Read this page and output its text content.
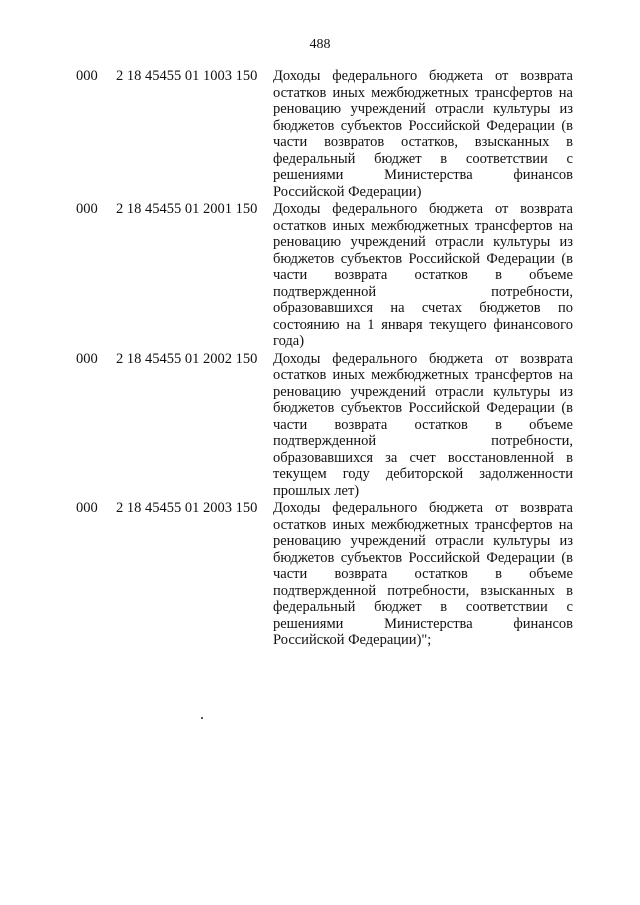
488
000 2 18 45455 01 1003 150 Доходы федерального бюджета от возврата
остатков иных межбюджетных трансфертов на
реновацию учреждений отрасли культуры из
бюджетов субъектов Российской Федерации (в
части возвратов остатков, взысканных в
федеральный бюджет в соответствии с
решениями Министерства финансов
Российской Федерации)
000 2 18 45455 01 2001 150 Доходы федерального бюджета от возврата
остатков иных межбюджетных трансфертов на
реновацию учреждений отрасли культуры из
бюджетов субъектов Российской Федерации (в
части возврата остатков в объеме
подтвержденной потребности,
образовавшихся на счетах бюджетов по
состоянию на 1 января текущего финансового
года)
000 2 18 45455 01 2002 150 Доходы федерального бюджета от возврата
остатков иных межбюджетных трансфертов на
реновацию учреждений отрасли культуры из
бюджетов субъектов Российской Федерации (в
части возврата остатков в объеме
подтвержденной потребности,
образовавшихся за счет восстановленной в
текущем году дебиторской задолженности
прошлых лет)
000 2 18 45455 01 2003 150 Доходы федерального бюджета от возврата
остатков иных межбюджетных трансфертов на
реновацию учреждений отрасли культуры из
бюджетов субъектов Российской Федерации (в
части возврата остатков в объеме
подтвержденной потребности, взысканных в
федеральный бюджет в соответствии с
решениями Министерства финансов
Российской Федерации)";
